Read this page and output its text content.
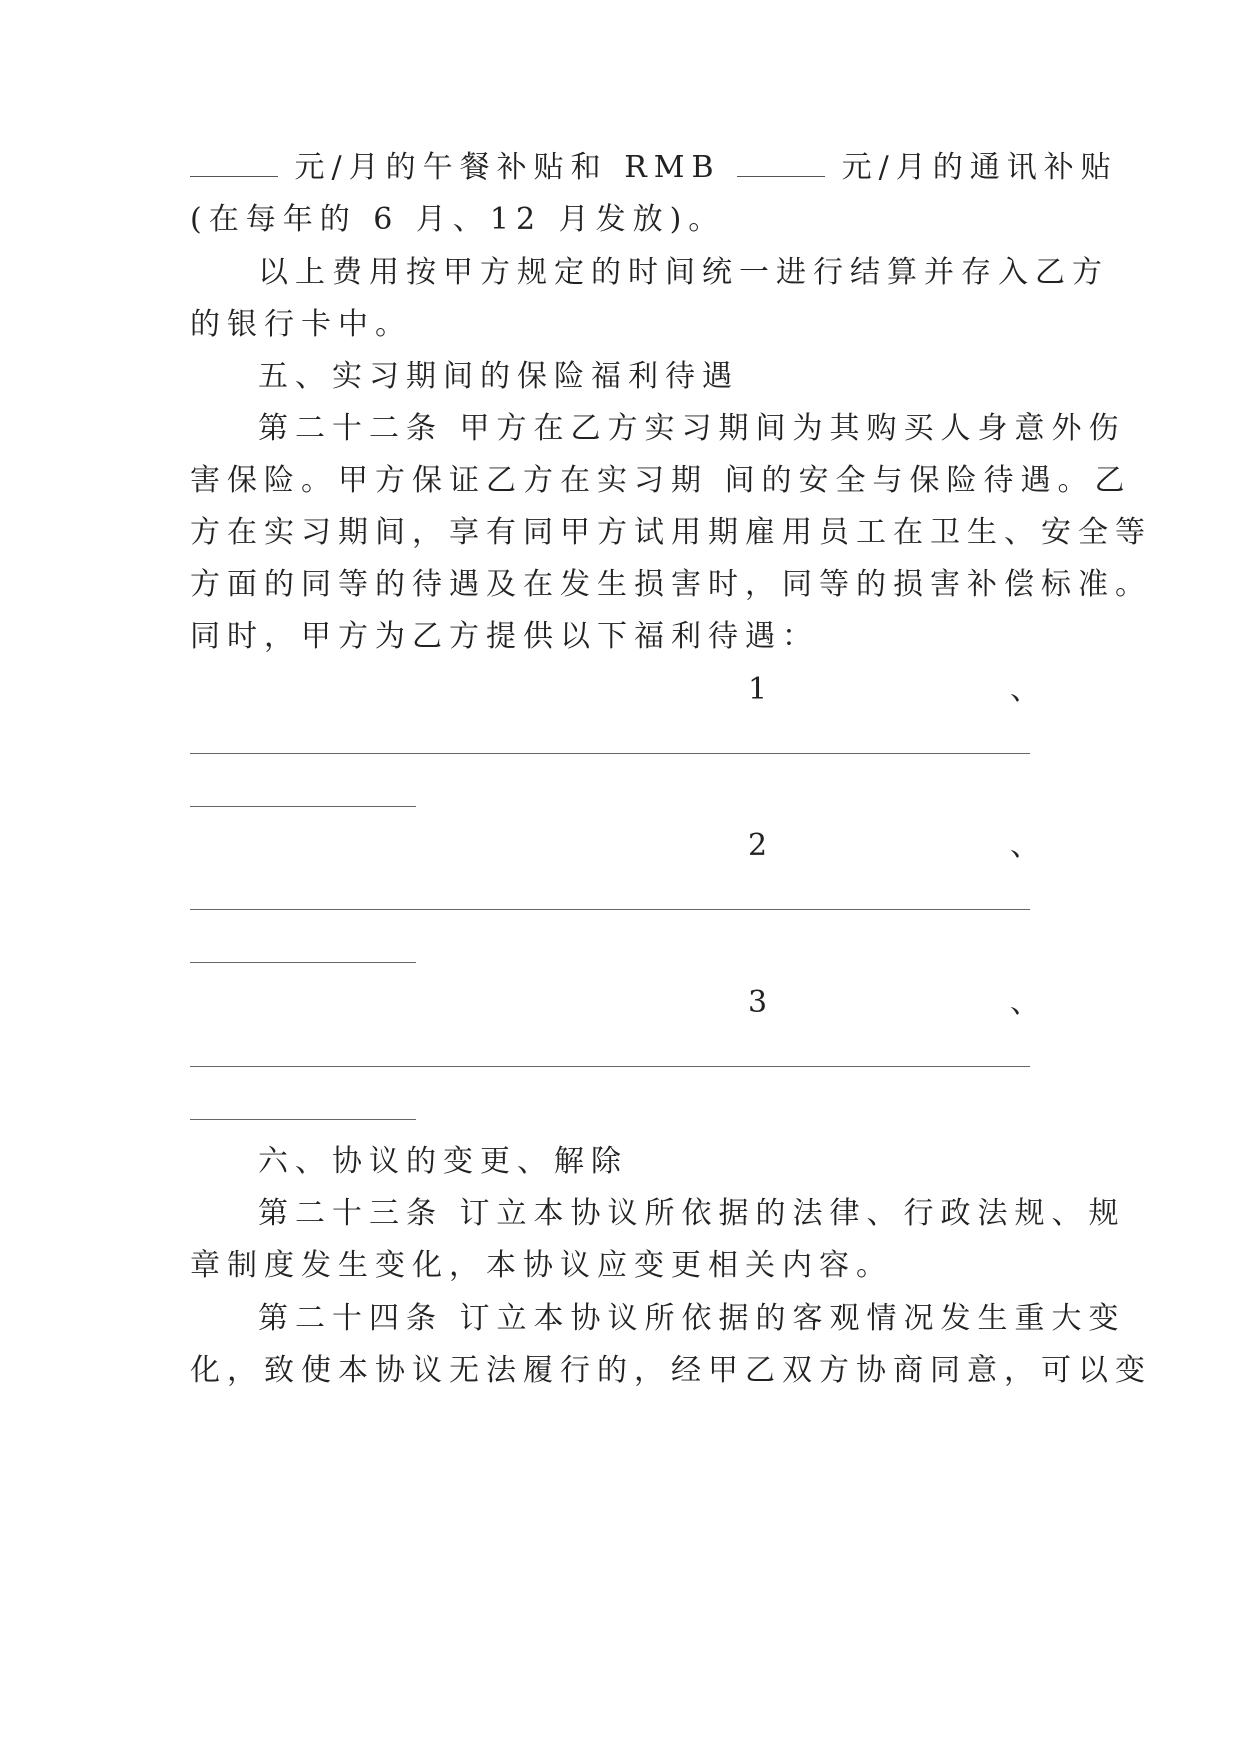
元/月的午餐补贴和 RMB	元/月的通讯补贴
(在每年的 6 月、12 月发放)。
以上费用按甲方规定的时间统一进行结算并存入乙方
的银行卡中。
五、实习期间的保险福利待遇
第二十二条 甲方在乙方实习期间为其购买人身意外伤
害保险。甲方保证乙方在实习期 间的安全与保险待遇。乙
方在实习期间，享有同甲方试用期雇用员工在卫生、安全等
方面的同等的待遇及在发生损害时，同等的损害补偿标准。
同时，甲方为乙方提供以下福利待遇：
1	、
2	、
3	、
六、协议的变更、解除
第二十三条 订立本协议所依据的法律、行政法规、规
章制度发生变化，本协议应变更相关内容。
第二十四条 订立本协议所依据的客观情况发生重大变
化，致使本协议无法履行的，经甲乙双方协商同意，可以变
